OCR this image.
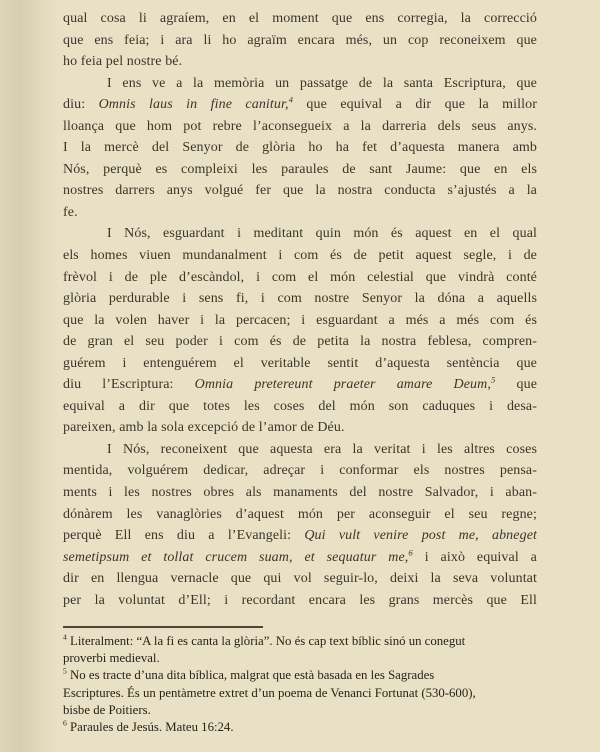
qual cosa li agraíem, en el moment que ens corregia, la correcció
que ens feia; i ara li ho agraïm encara més, un cop reconeixem que
ho feia pel nostre bé.
I ens ve a la memòria un passatge de la santa Escriptura, que
diu: Omnis laus in fine canitur,$^4$ que equival a dir que la millor
lloança que hom pot rebre l’aconsegueix a la darreria dels seus anys.
I la mercè del Senyor de glòria ho ha fet d’aquesta manera amb
Nós, perquè es compleixi les paraules de sant Jaume: que en els
nostres darrers anys volgué fer que la nostra conducta s’ajustés a la
fe.
I Nós, esguardant i meditant quin món és aquest en el qual
els homes viuen mundanalment i com és de petit aquest segle, i de
frèvol i de ple d’escàndol, i com el món celestial que vindrà conté
glòria perdurable i sens fi, i com nostre Senyor la dóna a aquells
que la volen haver i la percacen; i esguardant a més a més com és
de gran el seu poder i com és de petita la nostra feblesa, compren-
guérem i entenguérem el veritable sentit d’aquesta sentència que
diu l’Escriptura: Omnia pretereunt praeter amare Deum,$^5$ que
equival a dir que totes les coses del món son caduques i desa-
pareixen, amb la sola excepció de l’amor de Déu.
I Nós, reconeixent que aquesta era la veritat i les altres coses
mentida, volguérem dedicar, adreçar i conformar els nostres pensa-
ments i les nostres obres als manaments del nostre Salvador, i aban-
dónàrem les vanaglòries d’aquest món per aconseguir el seu regne;
perquè Ell ens diu a l’Evangeli: Qui vult venire post me, abneget
semetipsum et tollat crucem suam, et sequatur me,$^6$ i això equival a
dir en llengua vernacle que qui vol seguir-lo, deixi la seva voluntat
per la voluntat d’Ell; i recordant encara les grans mercès que Ell
$^4$ Literalment: “A la fi es canta la glòria”. No és cap text bíblic sinó un conegut
proverbi medieval.
$^5$ No es tracte d’una dita bíblica, malgrat que està basada en les Sagrades
Escriptures. És un pentàmetre extret d’un poema de Venanci Fortunat (530-600),
bisbe de Poitiers.
$^6$ Paraules de Jesús. Mateu 16:24.
